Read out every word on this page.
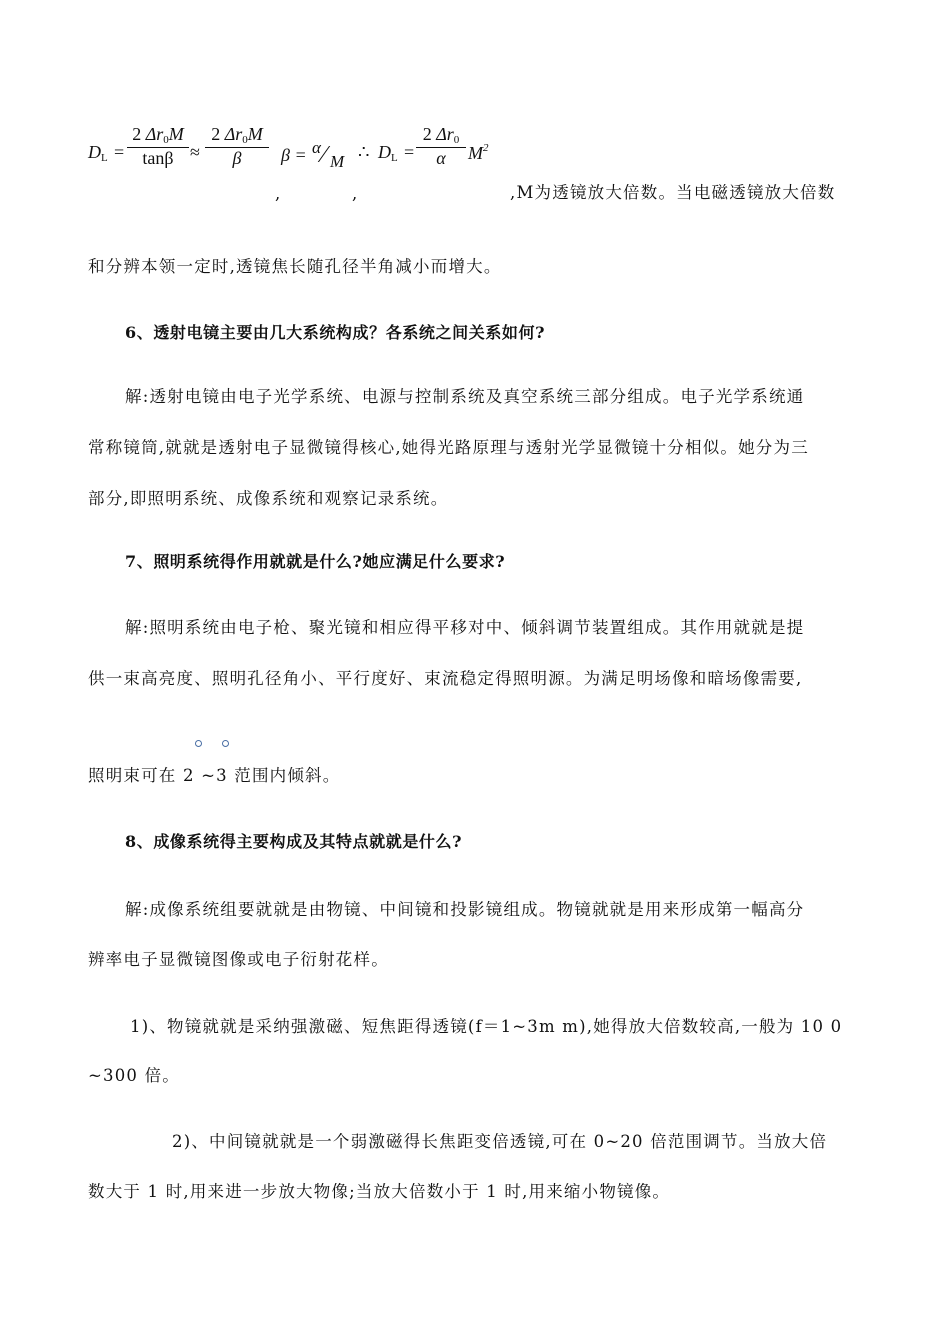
$D_L$ =
2 $\Delta r_0M$
tanβ ≈
2 $\Delta r_0M$
β	β = α ⁄ M ∴ $D_L$ =
2 $\Delta r_0$
α	$M^2$
,	,	,M为透镜放大倍数。当电磁透镜放大倍数
和分辨本领一定时,透镜焦长随孔径半角减小而增大。
6、透射电镜主要由几大系统构成？各系统之间关系如何?
解:透射电镜由电子光学系统、电源与控制系统及真空系统三部分组成。电子光学系统通
常称镜筒,就就是透射电子显微镜得核心,她得光路原理与透射光学显微镜十分相似。她分为三
部分,即照明系统、成像系统和观察记录系统。
7、照明系统得作用就就是什么?她应满足什么要求?
解:照明系统由电子枪、聚光镜和相应得平移对中、倾斜调节装置组成。其作用就就是提
供一束高亮度、照明孔径角小、平行度好、束流稳定得照明源。为满足明场像和暗场像需要,
照明束可在 2 ~3 范围内倾斜。
8、成像系统得主要构成及其特点就就是什么?
解:成像系统组要就就是由物镜、中间镜和投影镜组成。物镜就就是用来形成第一幅高分
辨率电子显微镜图像或电子衍射花样。
1)、物镜就就是采纳强激磁、短焦距得透镜(f＝1~3m m),她得放大倍数较高,一般为 10 0
~300 倍。
2)、中间镜就就是一个弱激磁得长焦距变倍透镜,可在 0~20 倍范围调节。当放大倍
数大于 1 时,用来进一步放大物像;当放大倍数小于 1 时,用来缩小物镜像。
